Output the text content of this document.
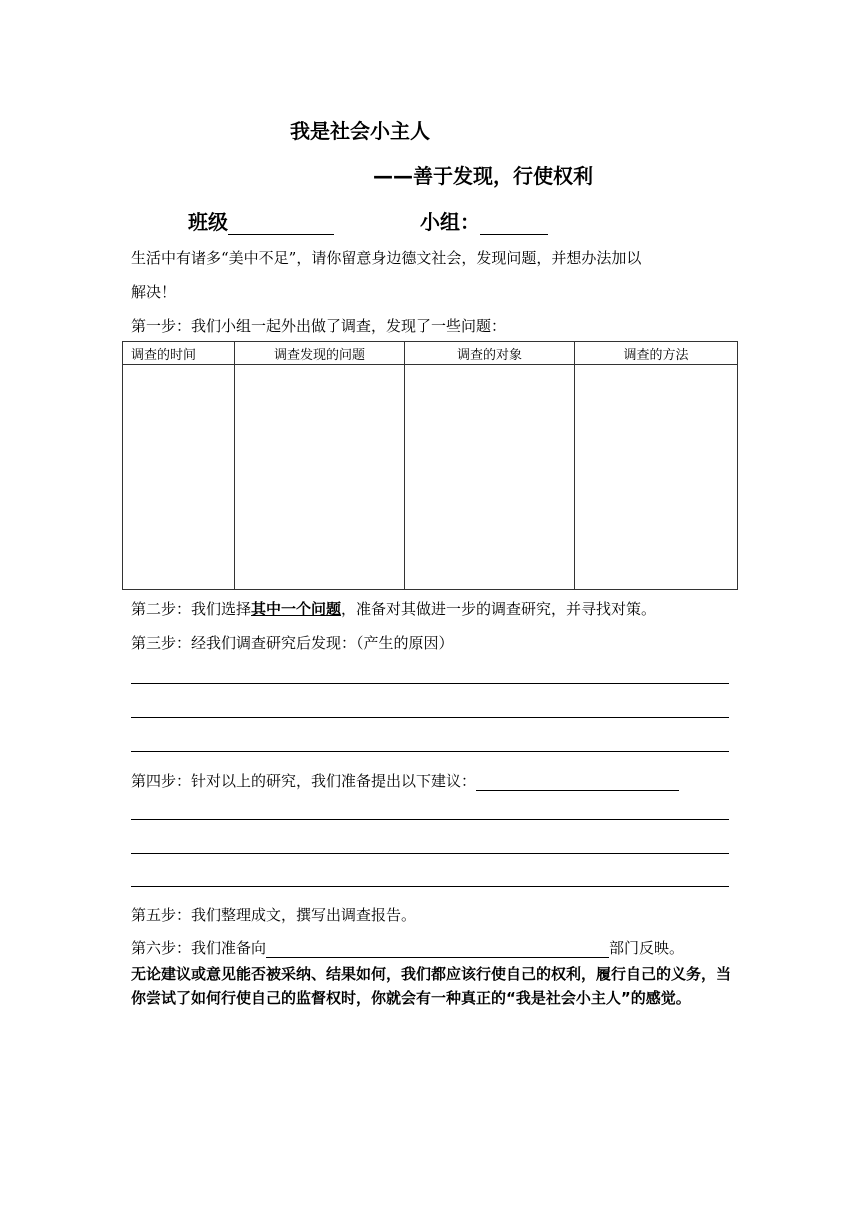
我是社会小主人
——善于发现，行使权利
班级	小组：
生活中有诸多“美中不足”，请你留意身边德文社会，发现问题，并想办法加以
解决！
第一步：我们小组一起外出做了调查，发现了一些问题：
调查的时间	调查发现的问题	调查的对象	调查的方法

第二步：我们选择其中一个问题，准备对其做进一步的调查研究，并寻找对策。
第三步：经我们调查研究后发现：（产生的原因）
第四步：针对以上的研究，我们准备提出以下建议：
第五步：我们整理成文，撰写出调查报告。
第六步：我们准备向	部门反映。
无论建议或意见能否被采纳、结果如何，我们都应该行使自己的权利，履行自己的义务，当你尝试了如何行使自己的监督权时，你就会有一种真正的“我是社会小主人”的感觉。
